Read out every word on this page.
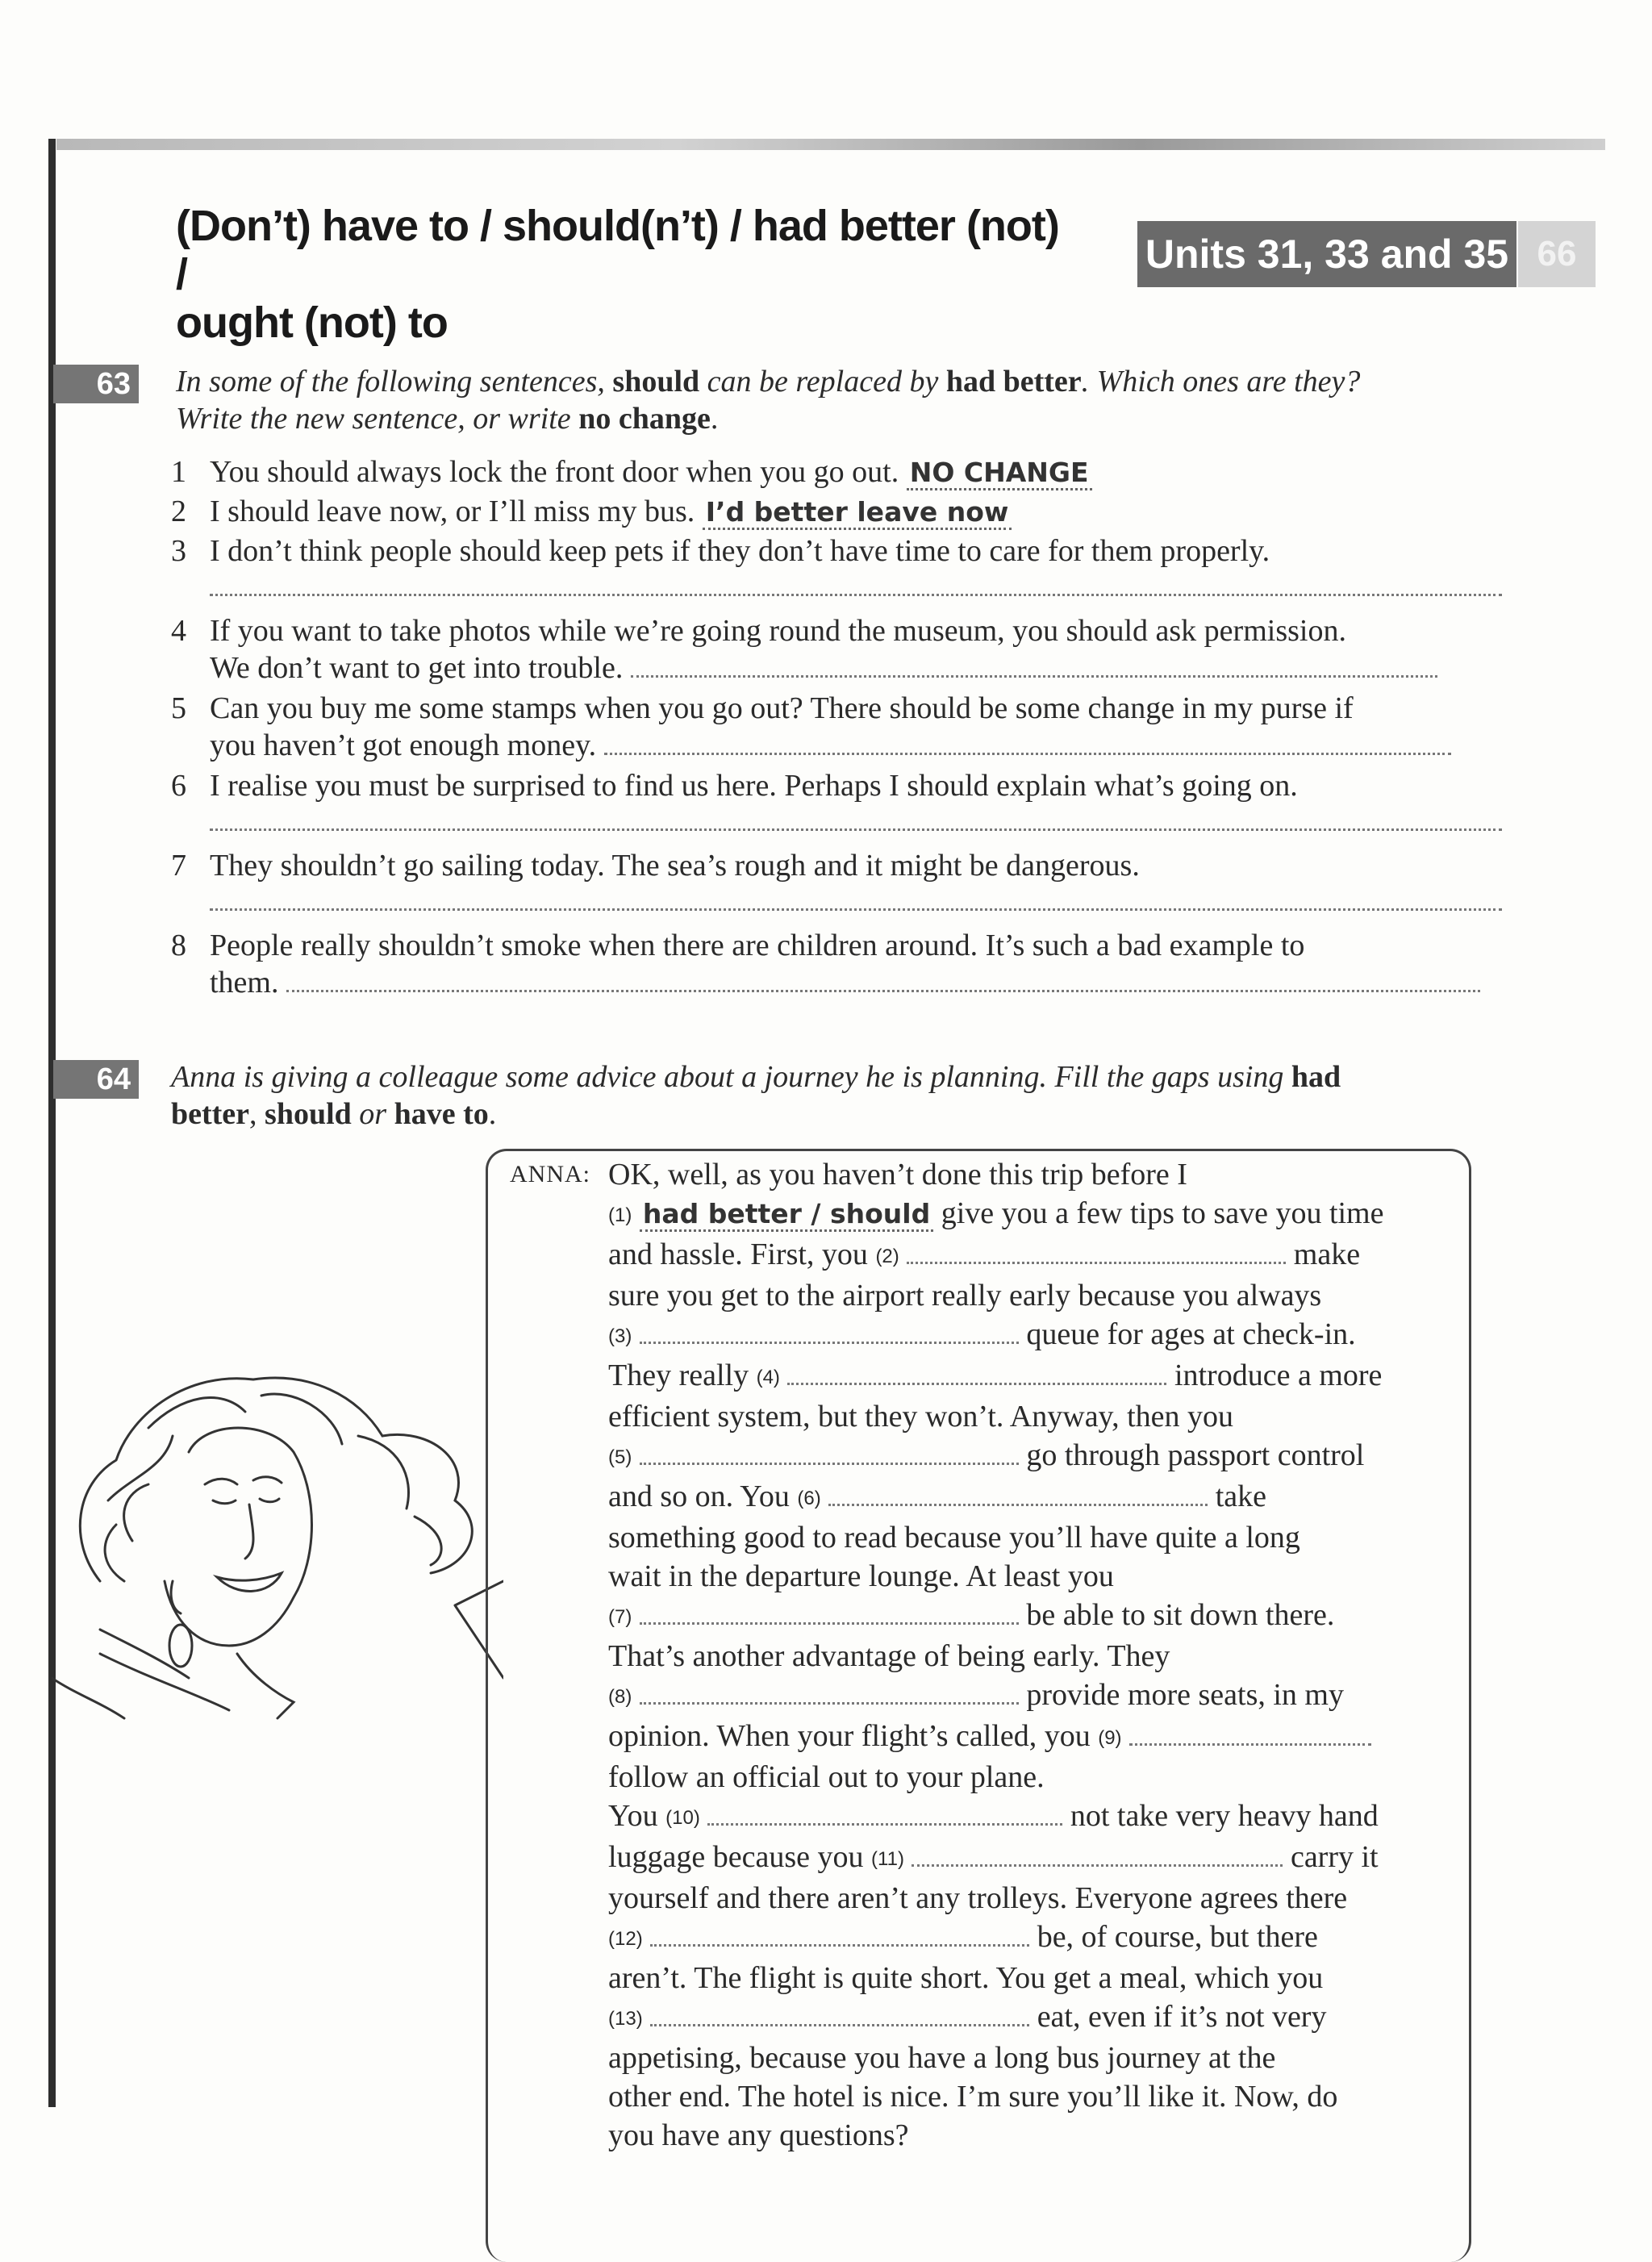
(Don’t) have to / should(n’t) / had better (not) /
ought (not) to
Units 31, 33 and 35 66
63 In some of the following sentences, should can be replaced by had better. Which ones are they?
Write the new sentence, or write no change.
1 You should always lock the front door when you go out. NO CHANGE
2 I should leave now, or I’ll miss my bus. I’d better leave now
3 I don’t think people should keep pets if they don’t have time to care for them properly.
4 If you want to take photos while we’re going round the museum, you should ask permission.
We don’t want to get into trouble.
5 Can you buy me some stamps when you go out? There should be some change in my purse if
you haven’t got enough money.
6 I realise you must be surprised to find us here. Perhaps I should explain what’s going on.
7 They shouldn’t go sailing today. The sea’s rough and it might be dangerous.
8 People really shouldn’t smoke when there are children around. It’s such a bad example to
them.
64 Anna is giving a colleague some advice about a journey he is planning. Fill the gaps using had
better, should or have to.
ANNA: OK, well, as you haven’t done this trip before I
(1) had better / should give you a few tips to save you time
and hassle. First, you (2)	make
sure you get to the airport really early because you always
(3)	queue for ages at check-in.
They really (4)	introduce a more
efficient system, but they won’t. Anyway, then you
(5)	go through passport control
and so on. You (6)	take
something good to read because you’ll have quite a long
wait in the departure lounge. At least you
(7)	be able to sit down there.
That’s another advantage of being early. They
(8)	provide more seats, in my
opinion. When your flight’s called, you (9)
follow an official out to your plane.
You (10)	not take very heavy hand
luggage because you (11)	carry it
yourself and there aren’t any trolleys. Everyone agrees there
(12)	be, of course, but there
aren’t. The flight is quite short. You get a meal, which you
(13)	eat, even if it’s not very
appetising, because you have a long bus journey at the
other end. The hotel is nice. I’m sure you’ll like it. Now, do
you have any questions?
